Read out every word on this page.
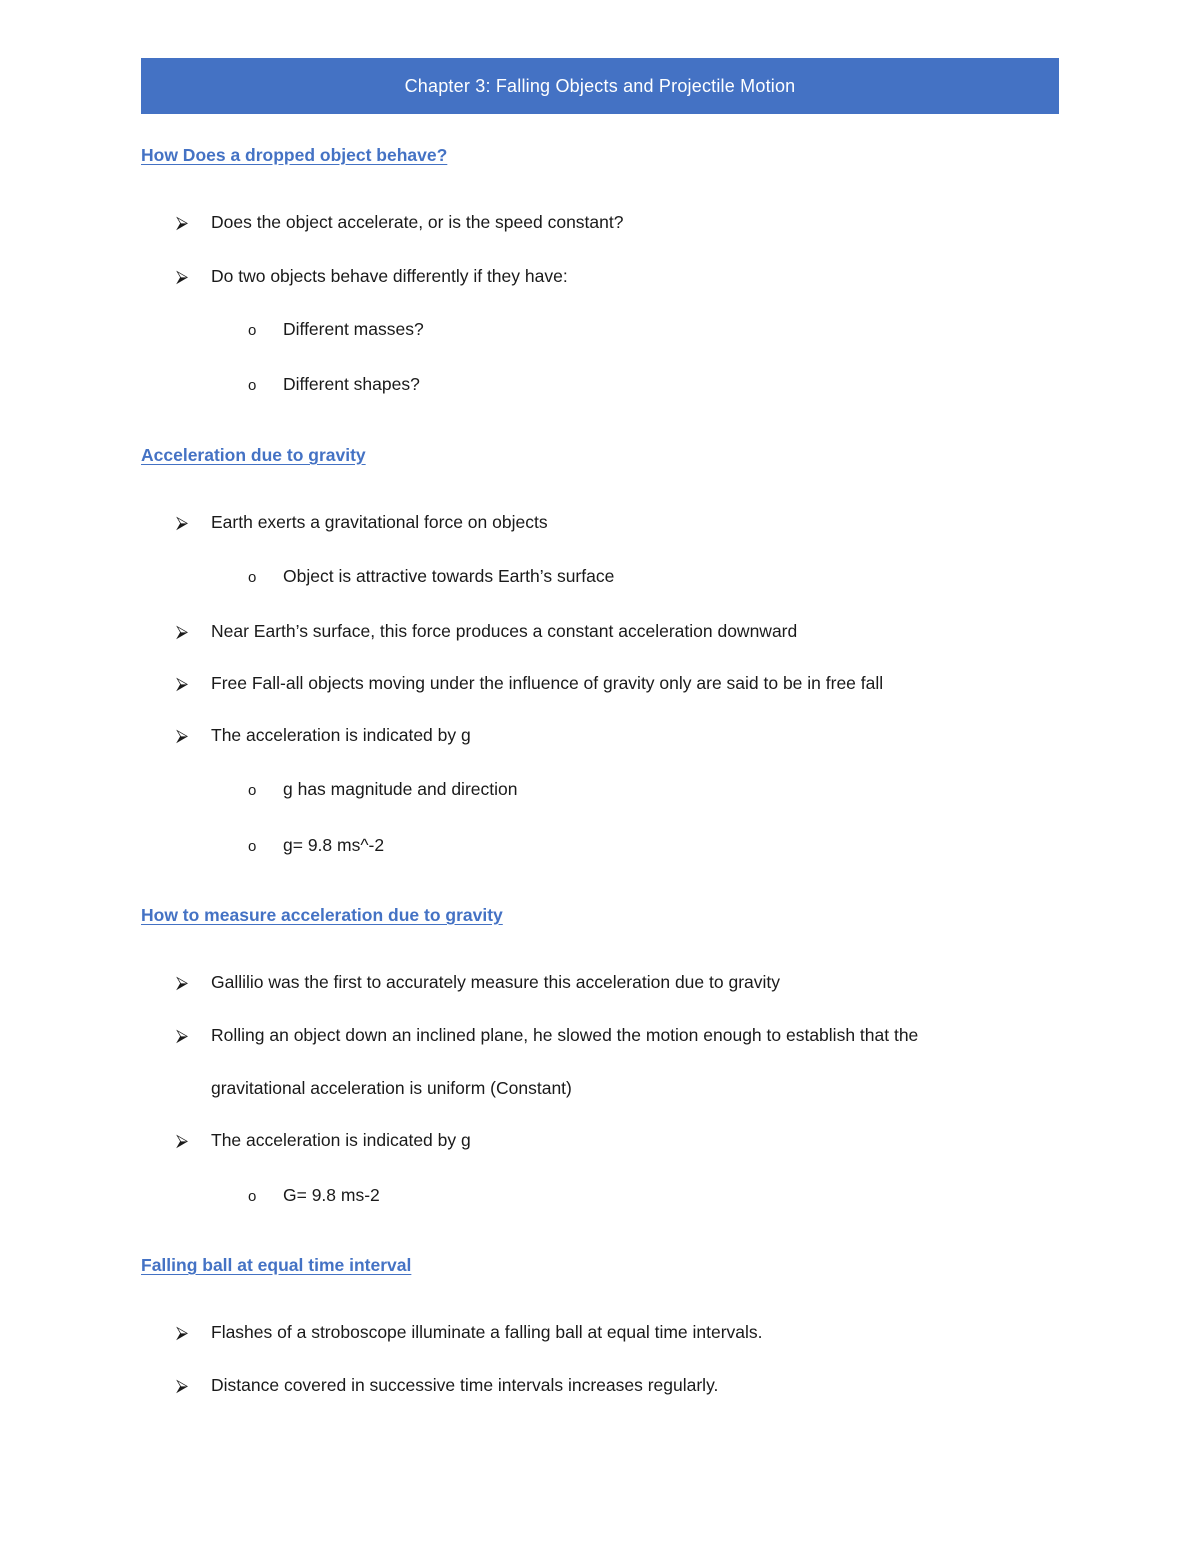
Chapter 3: Falling Objects and Projectile Motion
How Does a dropped object behave?
⮚	Does the object accelerate, or is the speed constant?
⮚	Do two objects behave differently if they have:
o	Different masses?
o	Different shapes?
Acceleration due to gravity
⮚	Earth exerts a gravitational force on objects
o	Object is attractive towards Earth’s surface
⮚	Near Earth’s surface, this force produces a constant acceleration downward
⮚	Free Fall-all objects moving under the influence of gravity only are said to be in free fall
⮚	The acceleration is indicated by g
o	g has magnitude and direction
o	g= 9.8 ms^-2
How to measure acceleration due to gravity
⮚	Gallilio was the first to accurately measure this acceleration due to gravity
⮚	Rolling an object down an inclined plane, he slowed the motion enough to establish that the
gravitational acceleration is uniform (Constant)
⮚	The acceleration is indicated by g
o	G= 9.8 ms-2
Falling ball at equal time interval
⮚	Flashes of a stroboscope illuminate a falling ball at equal time intervals.
⮚	Distance covered in successive time intervals increases regularly.
